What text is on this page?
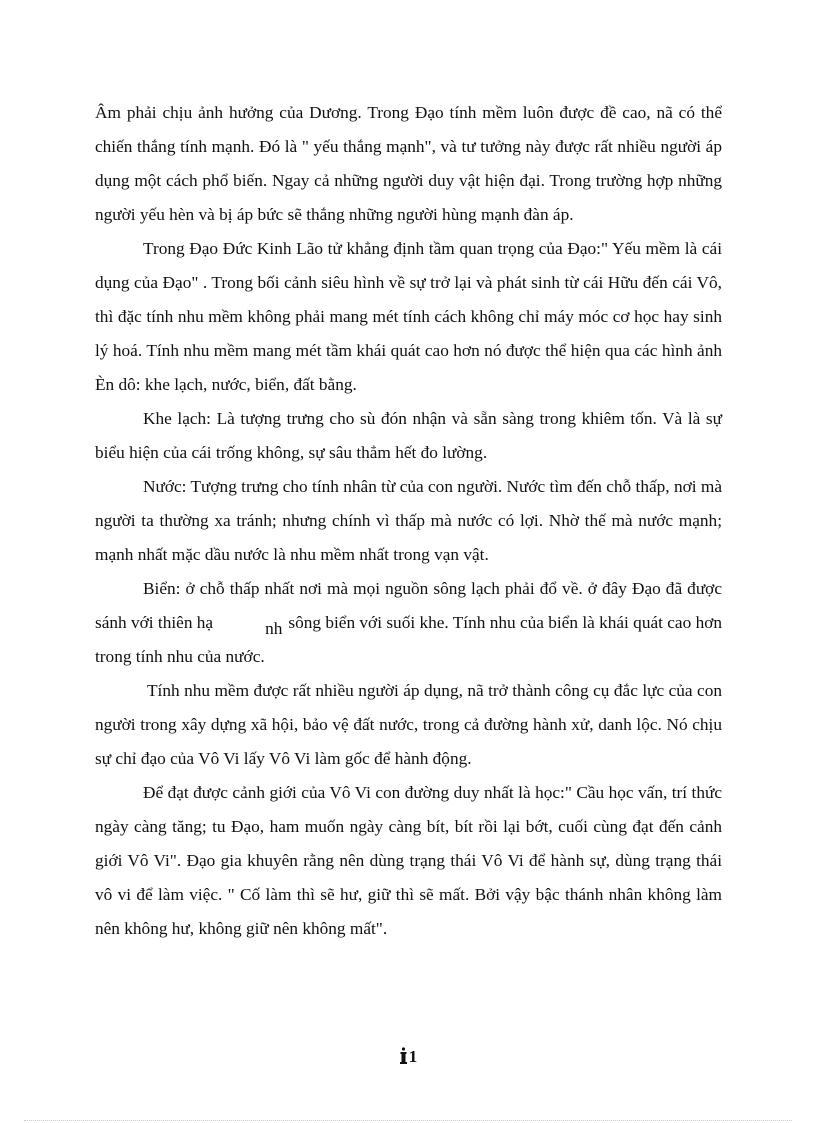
Âm phải chịu ảnh hưởng của Dương. Trong Đạo tính mềm luôn được đề cao, nã có thể chiến thắng tính mạnh. Đó là " yếu thắng mạnh", và tư tưởng này được rất nhiều người áp dụng một cách phổ biến. Ngay cả những người duy vật hiện đại. Trong trường hợp những người yếu hèn và bị áp bức sẽ thắng những người hùng mạnh đàn áp.

Trong Đạo Đức Kinh Lão tử khẳng định tầm quan trọng của Đạo:" Yếu mềm là cái dụng của Đạo" . Trong bối cảnh siêu hình về sự trở lại và phát sinh từ cái Hữu đến cái Vô, thì đặc tính nhu mềm không phải mang mét tính cách không chỉ máy móc cơ học hay sinh lý hoá. Tính nhu mềm mang mét tầm khái quát cao hơn nó được thể hiện qua các hình ảnh Èn dô: khe lạch, nước, biển, đất bằng.

Khe lạch: Là tượng trưng cho sù đón nhận và sẵn sàng trong khiêm tốn. Và là sự biểu hiện của cái trống không, sự sâu thẳm hết đo lường.

Nước: Tượng trưng cho tính nhân từ của con người. Nước tìm đến chỗ thấp, nơi mà người ta thường xa tránh; nhưng chính vì thấp mà nước có lợi. Nhờ thế mà nước mạnh; mạnh nhất mặc dầu nước là nhu mềm nhất trong vạn vật.

Biển: ở chỗ thấp nhất nơi mà mọi nguồn sông lạch phải đổ về. ở đây Đạo đã được sánh với thiên hạ	nh sông biển với suối khe. Tính nhu của biển là khái quát cao hơn trong tính nhu của nước.

Tính nhu mềm được rất nhiều người áp dụng, nã trở thành công cụ đắc lực của con người trong xây dựng xã hội, bảo vệ đất nước, trong cả đường hành xử, danh lộc. Nó chịu sự chỉ đạo của Vô Vi lấy Vô Vi làm gốc để hành động.

Để đạt được cảnh giới của Vô Vi con đường duy nhất là học:" Cầu học vấn, trí thức ngày càng tăng; tu Đạo, ham muốn ngày càng bít, bít rồi lại bớt, cuối cùng đạt đến cảnh giới Vô Vi". Đạo gia khuyên rằng nên dùng trạng thái Vô Vi để hành sự, dùng trạng thái vô vi để làm việc. " Cố làm thì sẽ hư, giữ thì sẽ mất. Bởi vậy bậc thánh nhân không làm nên không hư, không giữ nên không mất".

1
